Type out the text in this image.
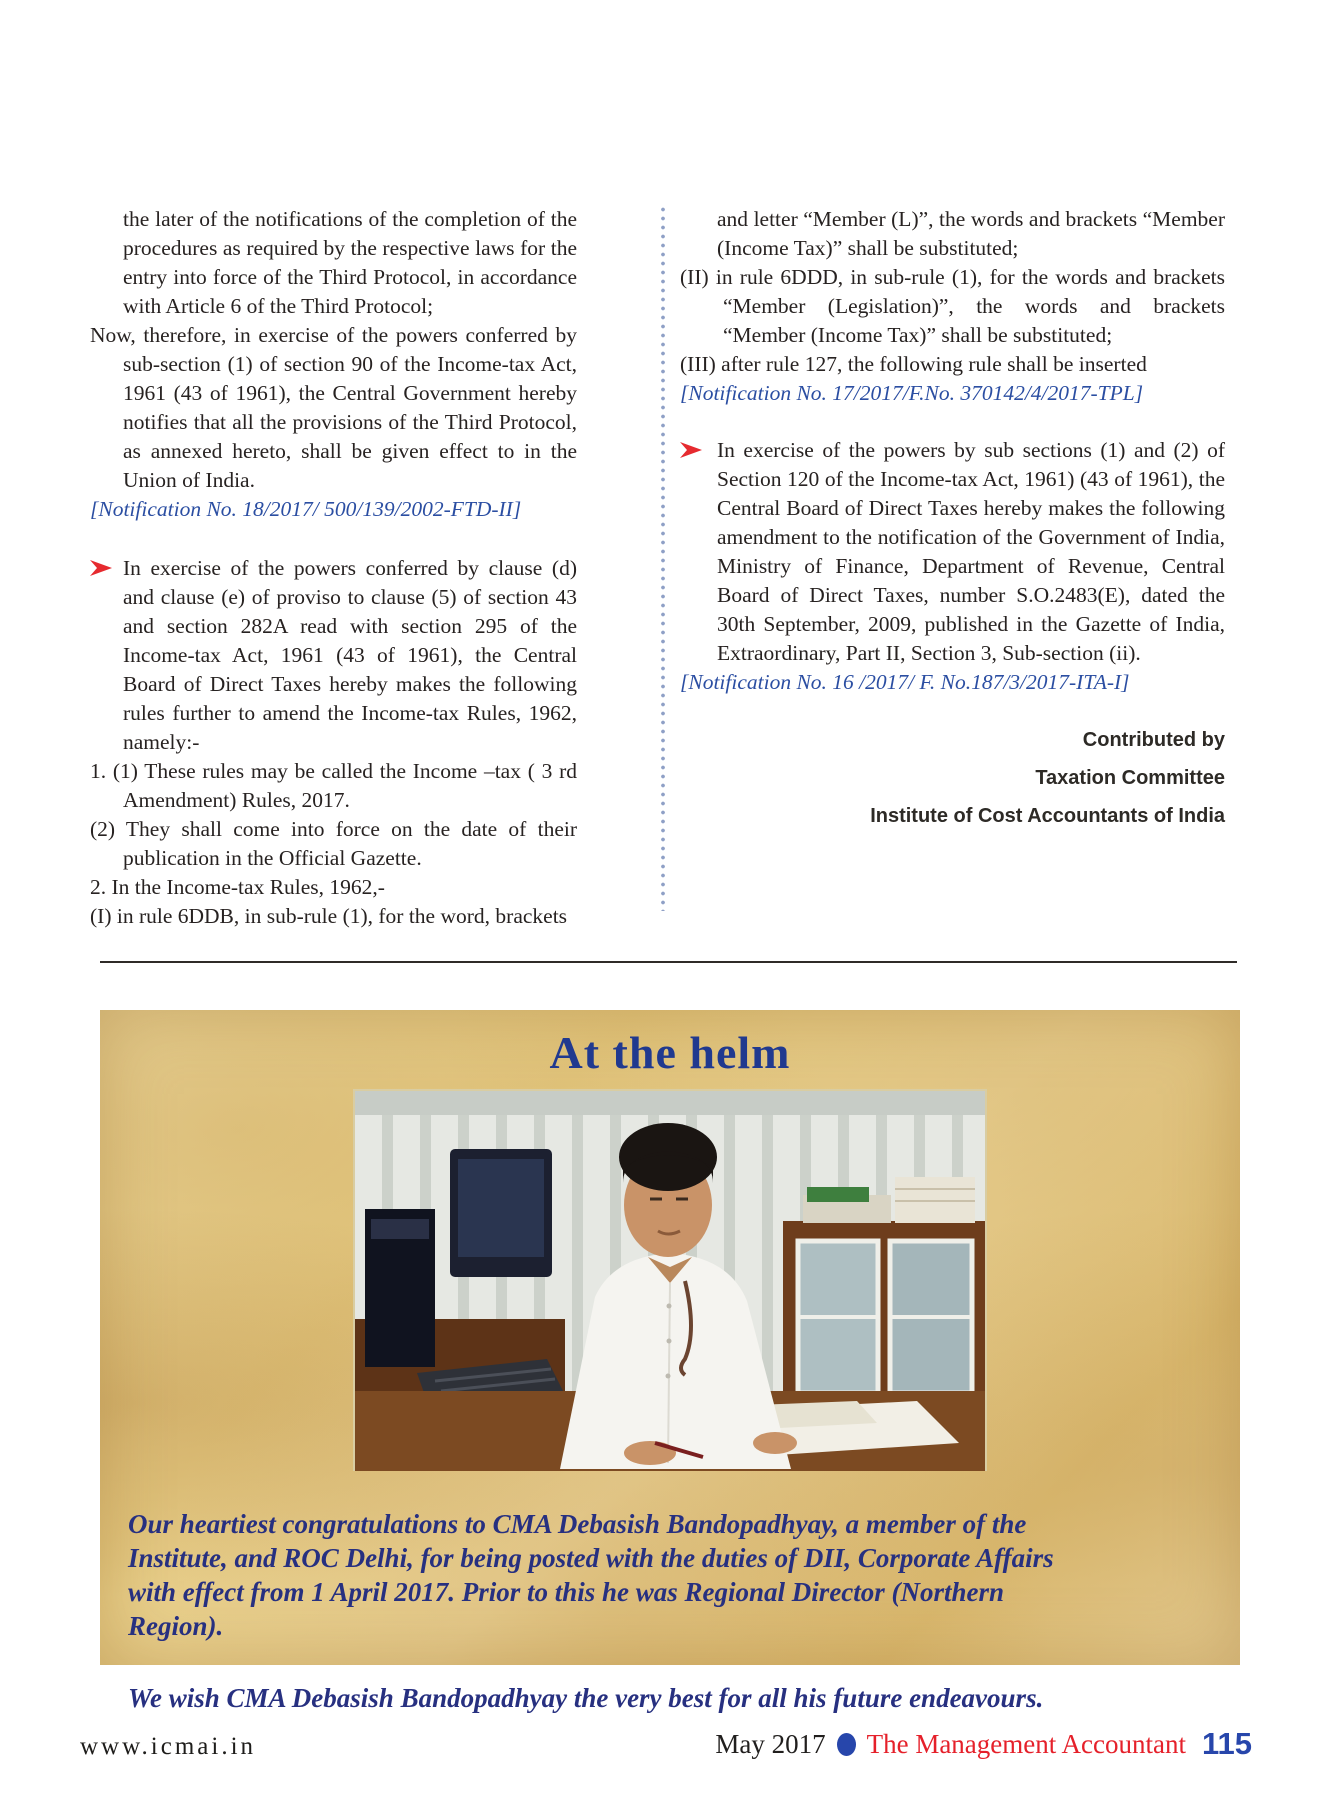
the later of the notifications of the completion of the procedures as required by the respective laws for the entry into force of the Third Protocol, in accordance with Article 6 of the Third Protocol;

Now, therefore, in exercise of the powers conferred by sub-section (1) of section 90 of the Income-tax Act, 1961 (43 of 1961), the Central Government hereby notifies that all the provisions of the Third Protocol, as annexed hereto, shall be given effect to in the Union of India.

[Notification No. 18/2017/ 500/139/2002-FTD-II]

In exercise of the powers conferred by clause (d) and clause (e) of proviso to clause (5) of section 43 and section 282A read with section 295 of the Income-tax Act, 1961 (43 of 1961), the Central Board of Direct Taxes hereby makes the following rules further to amend the Income-tax Rules, 1962, namely:-

1. (1) These rules may be called the Income –tax ( 3 rd Amendment) Rules, 2017.

(2) They shall come into force on the date of their publication in the Official Gazette.

2. In the Income-tax Rules, 1962,-

(I) in rule 6DDB, in sub-rule (1), for the word, brackets

and letter “Member (L)”, the words and brackets “Member (Income Tax)” shall be substituted;

(II) in rule 6DDD, in sub-rule (1), for the words and brackets “Member (Legislation)”, the words and brackets “Member (Income Tax)” shall be substituted;

(III) after rule 127, the following rule shall be inserted

[Notification No. 17/2017/F.No. 370142/4/2017-TPL]

In exercise of the powers by sub sections (1) and (2) of Section 120 of the Income-tax Act, 1961) (43 of 1961), the Central Board of Direct Taxes hereby makes the following amendment to the notification of the Government of India, Ministry of Finance, Department of Revenue, Central Board of Direct Taxes, number S.O.2483(E), dated the 30th September, 2009, published in the Gazette of India, Extraordinary, Part II, Section 3, Sub-section (ii).

[Notification No. 16 /2017/ F. No.187/3/2017-ITA-I]

Contributed by
Taxation Committee
Institute of Cost Accountants of India
At the helm

Our heartiest congratulations to CMA Debasish Bandopadhyay, a member of the Institute, and ROC Delhi, for being posted with the duties of DII, Corporate Affairs with effect from 1 April 2017. Prior to this he was Regional Director (Northern Region).

We wish CMA Debasish Bandopadhyay the very best for all his future endeavours.

www.icmai.in	May 2017 The Management Accountant 115
